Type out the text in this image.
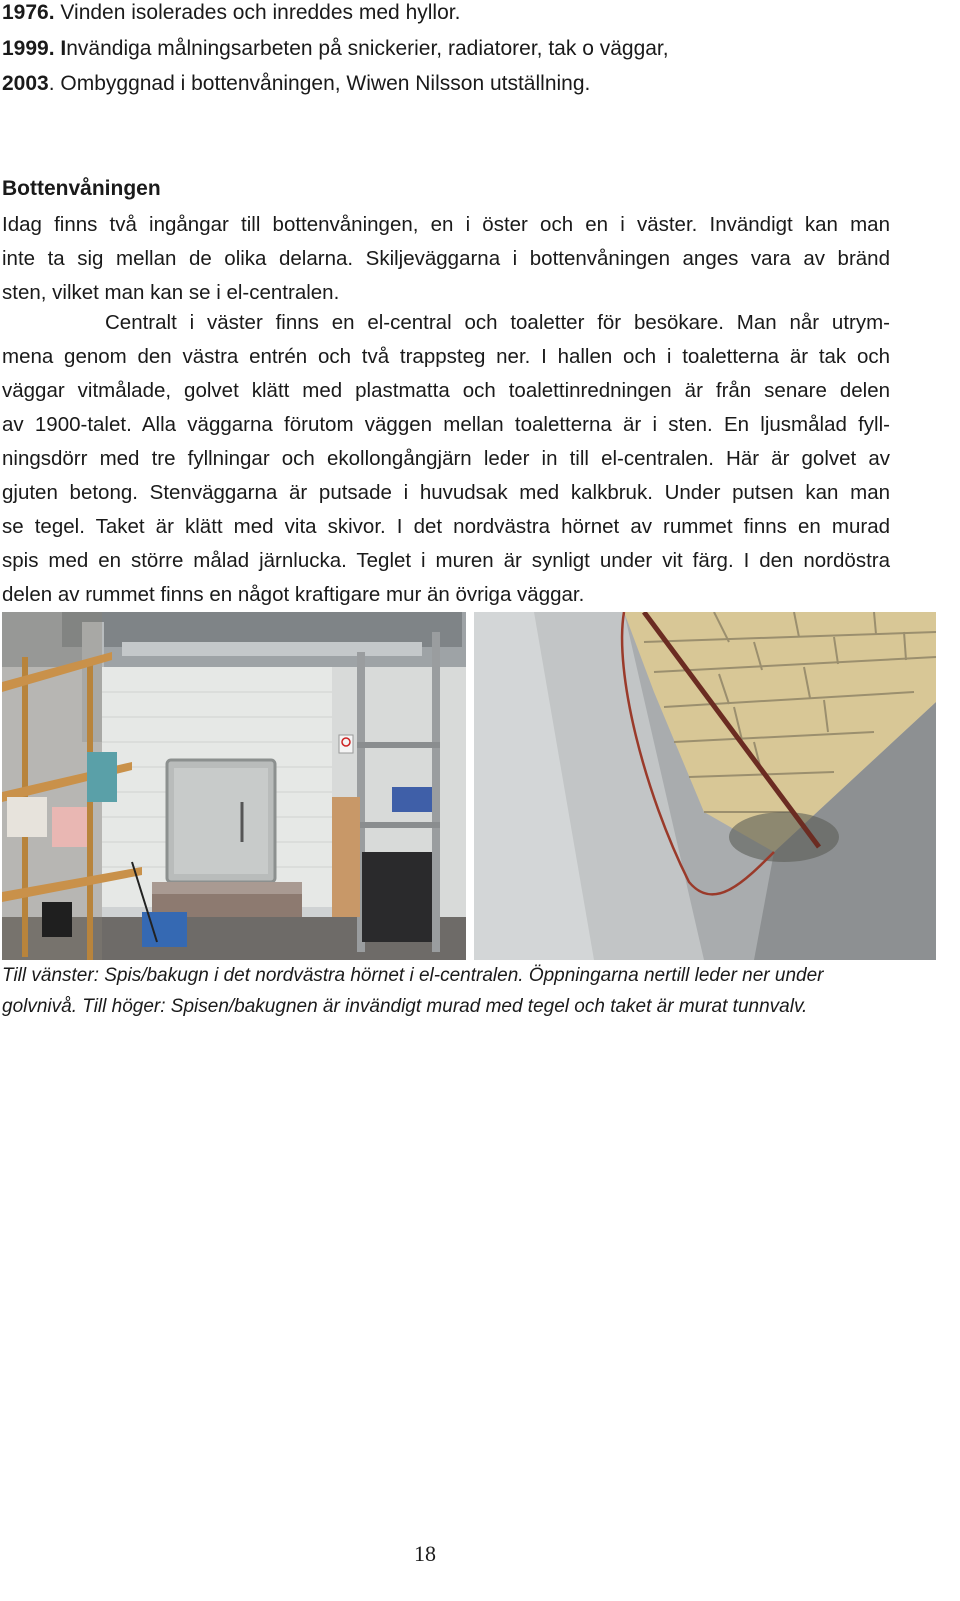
1976. Vinden isolerades och inreddes med hyllor.
1999. Invändiga målningsarbeten på snickerier, radiatorer, tak o väggar,
2003. Ombyggnad i bottenvåningen, Wiwen Nilsson utställning.
Bottenvåningen
Idag finns två ingångar till bottenvåningen, en i öster och en i väster. Invändigt kan man
inte ta sig mellan de olika delarna. Skiljeväggarna i bottenvåningen anges vara av bränd
sten, vilket man kan se i el-centralen.
Centralt i väster finns en el-central och toaletter för besökare. Man når utrym-
mena genom den västra entrén och två trappsteg ner. I hallen och i toaletterna är tak och
väggar vitmålade, golvet klätt med plastmatta och toalettinredningen är från senare delen
av 1900-talet. Alla väggarna förutom väggen mellan toaletterna är i sten. En ljusmålad fyll-
ningsdörr med tre fyllningar och ekollongångjärn leder in till el-centralen. Här är golvet av
gjuten betong. Stenväggarna är putsade i huvudsak med kalkbruk. Under putsen kan man
se tegel. Taket är klätt med vita skivor. I det nordvästra hörnet av rummet finns en murad
spis med en större målad järnlucka. Teglet i muren är synligt under vit färg. I den nordöstra
delen av rummet finns en något kraftigare mur än övriga väggar.
Till vänster: Spis/bakugn i det nordvästra hörnet i el-centralen. Öppningarna nertill leder ner under
golvnivå. Till höger: Spisen/bakugnen är invändigt murad med tegel och taket är murat tunnvalv.
18
